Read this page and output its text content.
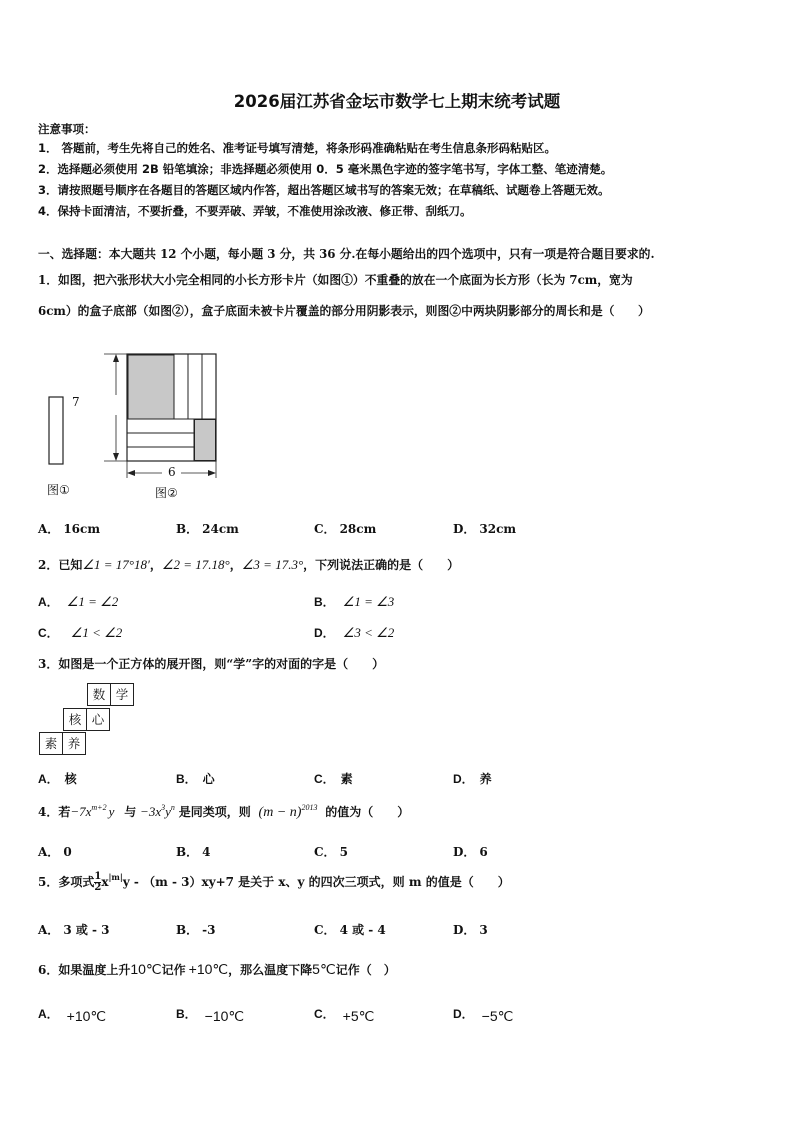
2026届江苏省金坛市数学七上期末统考试题
注意事项：
1． 答题前，考生先将自己的姓名、准考证号填写清楚，将条形码准确粘贴在考生信息条形码粘贴区。
2．选择题必须使用 2B 铅笔填涂；非选择题必须使用 0．5 毫米黑色字迹的签字笔书写，字体工整、笔迹清楚。
3．请按照题号顺序在各题目的答题区域内作答，超出答题区域书写的答案无效；在草稿纸、试题卷上答题无效。
4．保持卡面清洁，不要折叠，不要弄破、弄皱，不准使用涂改液、修正带、刮纸刀。
一、选择题：本大题共 12 个小题，每小题 3 分，共 36 分.在每小题给出的四个选项中，只有一项是符合题目要求的.
1．如图，把六张形状大小完全相同的小长方形卡片（如图①）不重叠的放在一个底面为长方形（长为 7cm，宽为
6cm）的盒子底部（如图②），盒子底面未被卡片覆盖的部分用阴影表示，则图②中两块阴影部分的周长和是（　　）
7
6
图①	图②
A． 16cm	B． 24cm	C． 28cm	D． 32cm
2．已知∠1 = 17°18′，∠2 = 17.18°，∠3 = 17.3°，下列说法正确的是（　　）
A． ∠1 = ∠2	B． ∠1 = ∠3
C． ∠1 < ∠2	D． ∠3 < ∠2
3．如图是一个正方体的展开图，则“学”字的对面的字是（　　）
数 学
核 心
素 养
A． 核	B． 心	C． 素	D． 养
4．若$-7x^{m+2}$ y 与 $-3x^3y^n$ 是同类项，则 $(m - n)^{2013}$ 的值为（　　）
A． 0	B． 4	C． 5	D． 6
5．多项式 $\frac{1}{2} x^{|m|}y - (m - 3)xy+7$ 是关于 x、y 的四次三项式，则 m 的值是（　　）
A． 3 或 - 3	B． -3	C． 4 或 - 4	D． 3
6．如果温度上升10℃记作 +10℃，那么温度下降5℃记作（　）
A． +10℃	B． −10℃	C． +5℃	D． −5℃
